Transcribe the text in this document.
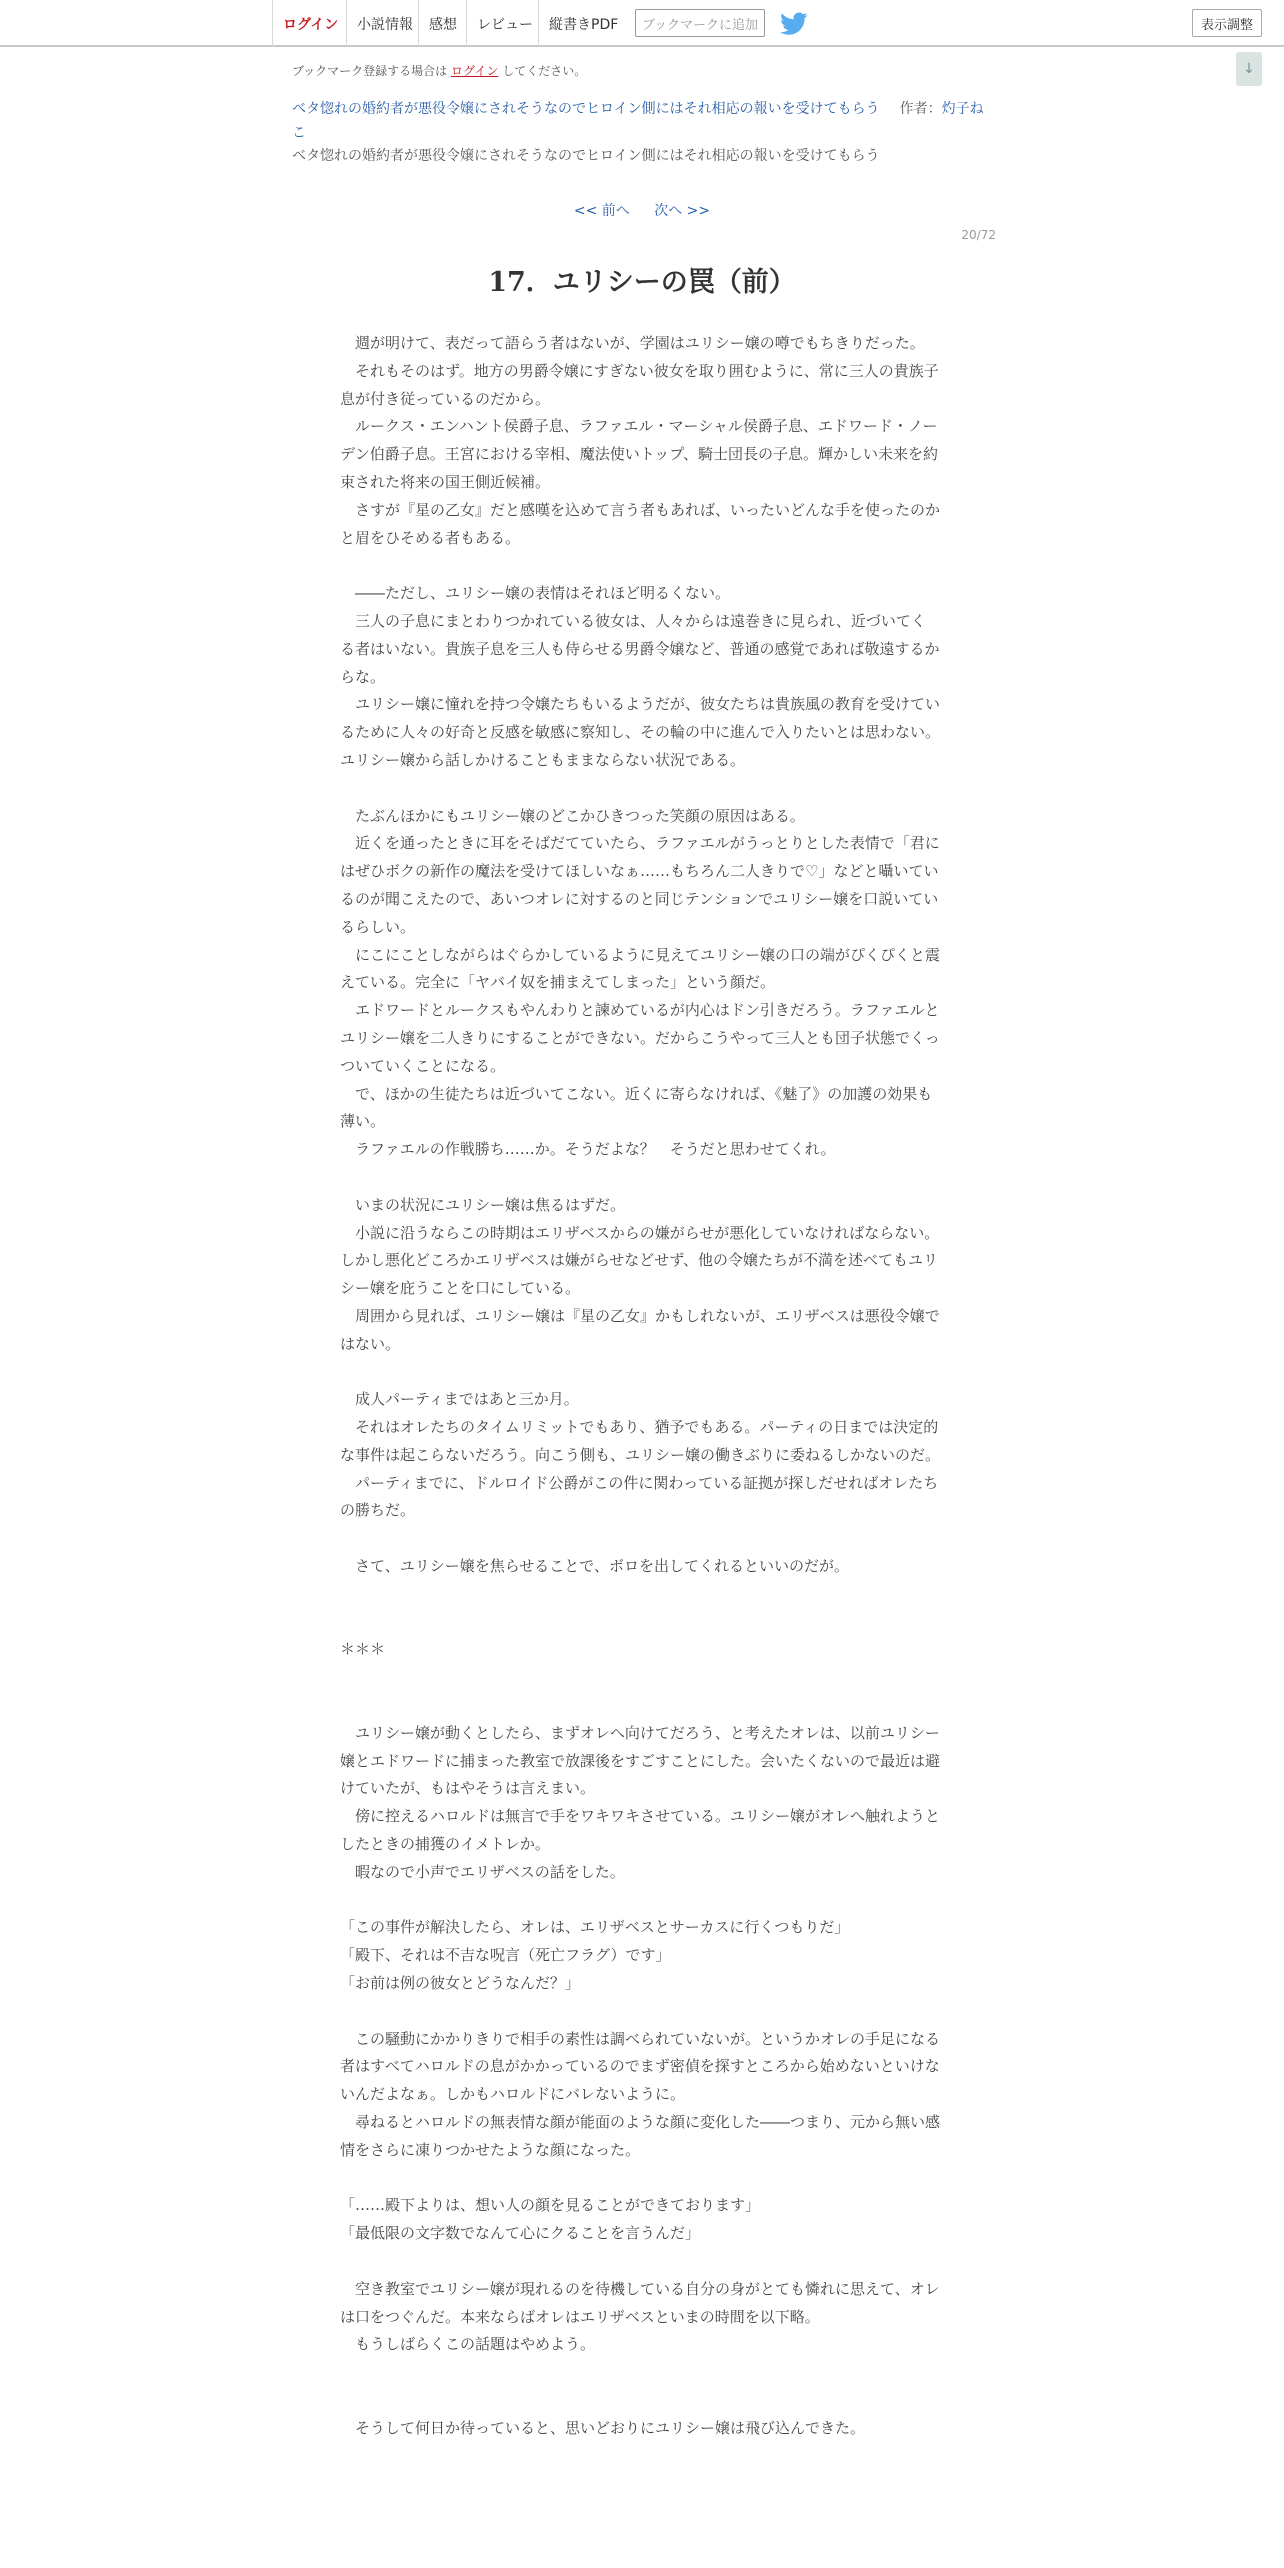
ログイン	小説情報	感想	レビュー	縦書きPDF	ブックマークに追加	表示調整
↓
ブックマーク登録する場合は ログイン してください。
ベタ惚れの婚約者が悪役令嬢にされそうなのでヒロイン側にはそれ相応の報いを受けてもらう 作者：灼子ねこ
ベタ惚れの婚約者が悪役令嬢にされそうなのでヒロイン側にはそれ相応の報いを受けてもらう
<< 前へ 次へ >>
20/72
17．ユリシーの罠（前）

　週が明けて、表だって語らう者はないが、学園はユリシー嬢の噂でもちきりだった。

　それもそのはず。地方の男爵令嬢にすぎない彼女を取り囲むように、常に三人の貴族子息が付き従っているのだから。

　ルークス・エンハント侯爵子息、ラファエル・マーシャル侯爵子息、エドワード・ノーデン伯爵子息。王宮における宰相、魔法使いトップ、騎士団長の子息。輝かしい未来を約束された将来の国王側近候補。

　さすが『星の乙女』だと感嘆を込めて言う者もあれば、いったいどんな手を使ったのかと眉をひそめる者もある。

　――ただし、ユリシー嬢の表情はそれほど明るくない。

　三人の子息にまとわりつかれている彼女は、人々からは遠巻きに見られ、近づいてくる者はいない。貴族子息を三人も侍らせる男爵令嬢など、普通の感覚であれば敬遠するからな。

　ユリシー嬢に憧れを持つ令嬢たちもいるようだが、彼女たちは貴族風の教育を受けているために人々の好奇と反感を敏感に察知し、その輪の中に進んで入りたいとは思わない。ユリシー嬢から話しかけることもままならない状況である。

　たぶんほかにもユリシー嬢のどこかひきつった笑顔の原因はある。

　近くを通ったときに耳をそばだてていたら、ラファエルがうっとりとした表情で「君にはぜひボクの新作の魔法を受けてほしいなぁ……もちろん二人きりで♡」などと囁いているのが聞こえたので、あいつオレに対するのと同じテンションでユリシー嬢を口説いているらしい。

　にこにことしながらはぐらかしているように見えてユリシー嬢の口の端がぴくぴくと震えている。完全に「ヤバイ奴を捕まえてしまった」という顔だ。

　エドワードとルークスもやんわりと諫めているが内心はドン引きだろう。ラファエルとユリシー嬢を二人きりにすることができない。だからこうやって三人とも団子状態でくっついていくことになる。

　で、ほかの生徒たちは近づいてこない。近くに寄らなければ、《魅了》の加護の効果も薄い。

　ラファエルの作戦勝ち……か。そうだよな？　そうだと思わせてくれ。

　いまの状況にユリシー嬢は焦るはずだ。

　小説に沿うならこの時期はエリザベスからの嫌がらせが悪化していなければならない。しかし悪化どころかエリザベスは嫌がらせなどせず、他の令嬢たちが不満を述べてもユリシー嬢を庇うことを口にしている。

　周囲から見れば、ユリシー嬢は『星の乙女』かもしれないが、エリザベスは悪役令嬢ではない。

　成人パーティまではあと三か月。

　それはオレたちのタイムリミットでもあり、猶予でもある。パーティの日までは決定的な事件は起こらないだろう。向こう側も、ユリシー嬢の働きぶりに委ねるしかないのだ。

　パーティまでに、ドルロイド公爵がこの件に関わっている証拠が探しだせればオレたちの勝ちだ。

　さて、ユリシー嬢を焦らせることで、ボロを出してくれるといいのだが。

＊＊＊

　ユリシー嬢が動くとしたら、まずオレへ向けてだろう、と考えたオレは、以前ユリシー嬢とエドワードに捕まった教室で放課後をすごすことにした。会いたくないので最近は避けていたが、もはやそうは言えまい。

　傍に控えるハロルドは無言で手をワキワキさせている。ユリシー嬢がオレへ触れようとしたときの捕獲のイメトレか。

　暇なので小声でエリザベスの話をした。

「この事件が解決したら、オレは、エリザベスとサーカスに行くつもりだ」

「殿下、それは不吉な呪言（死亡フラグ）です」

「お前は例の彼女とどうなんだ？」

　この騒動にかかりきりで相手の素性は調べられていないが。というかオレの手足になる者はすべてハロルドの息がかかっているのでまず密偵を探すところから始めないといけないんだよなぁ。しかもハロルドにバレないように。

　尋ねるとハロルドの無表情な顔が能面のような顔に変化した――つまり、元から無い感情をさらに凍りつかせたような顔になった。

「……殿下よりは、想い人の顔を見ることができております」

「最低限の文字数でなんて心にクることを言うんだ」

　空き教室でユリシー嬢が現れるのを待機している自分の身がとても憐れに思えて、オレは口をつぐんだ。本来ならばオレはエリザベスといまの時間を以下略。

　もうしばらくこの話題はやめよう。

　そうして何日か待っていると、思いどおりにユリシー嬢は飛び込んできた。
